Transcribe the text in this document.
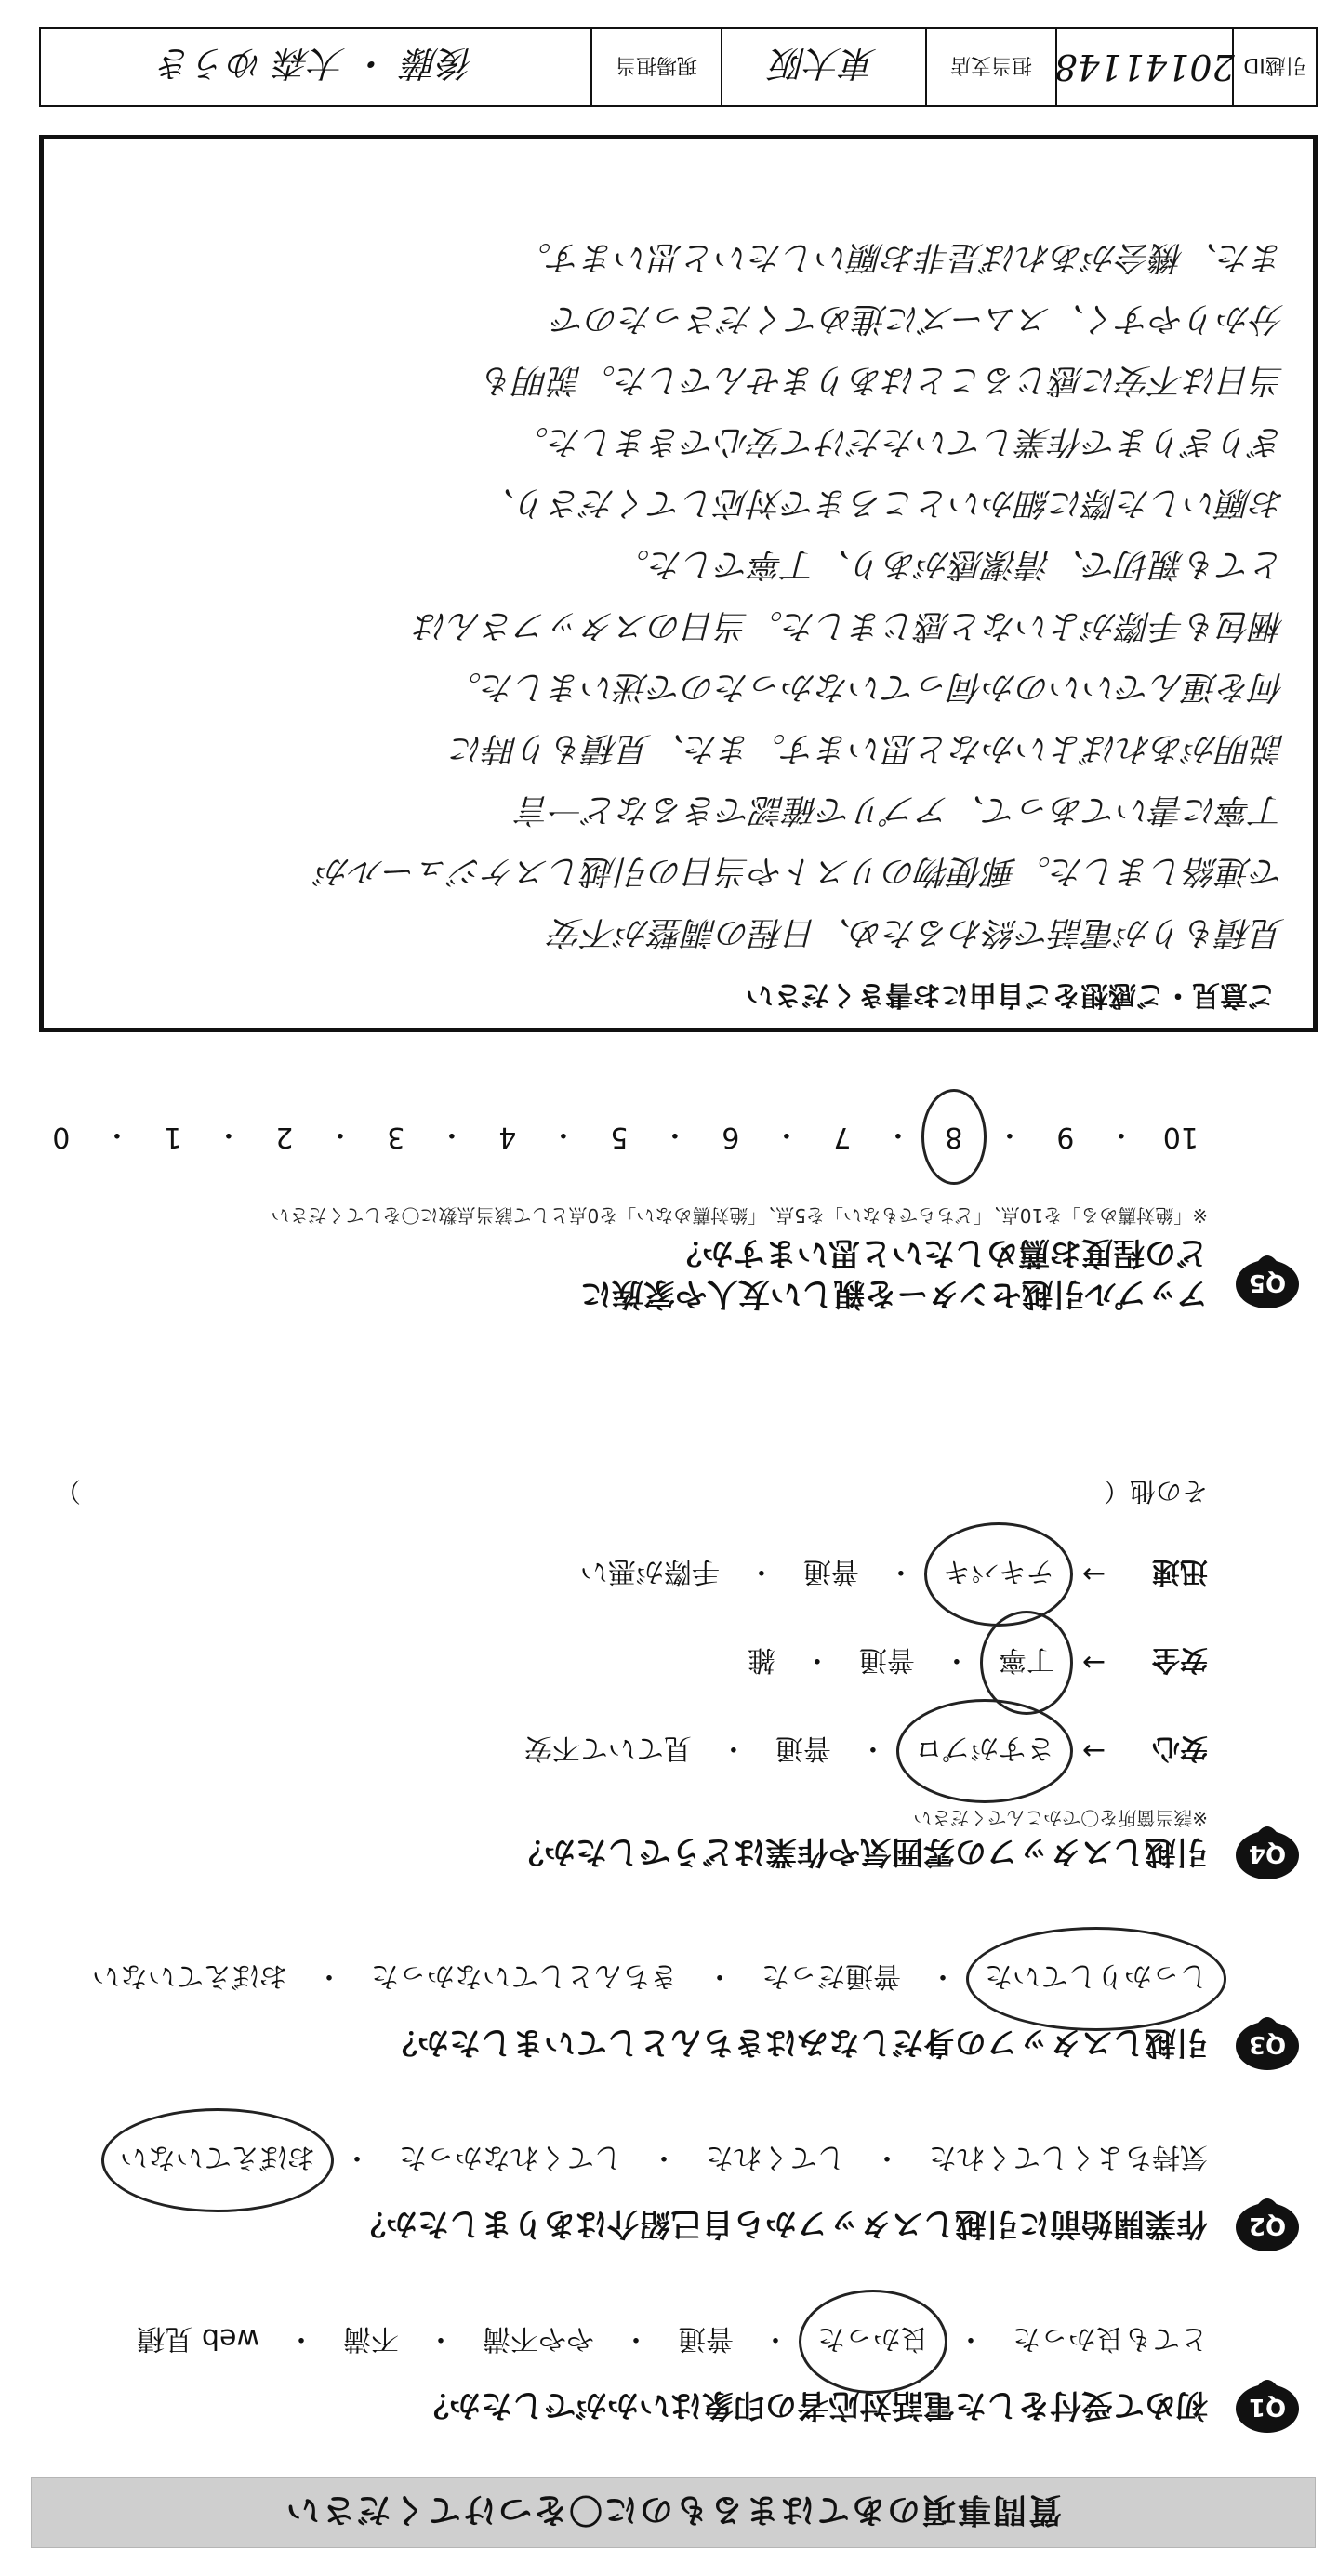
質問事項のあてはまるものに〇をつけてください
Q1
初めて受付をした電話対応者の印象はいかがでしたか？
とても良かった
・
良かった
・
普通
・
やや不満
・
不満
・
web 見積
Q2
作業開始前に引越しスタッフから自己紹介はありましたか？
気持ちよくしてくれた
・
してくれた
・
してくれなかった
・
おぼえていない
Q3
引越しスタッフの身だしなみはきちんとしていましたか？
しっかりしていた
・
普通だった
・
きちんとしていなかった
・
おぼえていない
Q4
引越しスタッフの雰囲気や作業はどうでしたか？
※該当箇所を〇でかこんでください
安心
→
さすがプロ
・
普通
・
見ていて不安
安全
→
丁寧
・
普通
・
雑
迅速
→
テキパキ
・
普通
・
手際が悪い
その他（
）
Q5
アップル引越センターを親しい友人や家族に
どの程度お薦めしたいと思いますか？
※「絶対薦める」を10点、「どちらでもない」を5点、「絶対薦めない」を0点として該当点数に〇をしてください
10
・
9
・
8
・
7
・
6
・
5
・
4
・
3
・
2
・
1
・
0
ご意見・ご感想をご自由にお書きください

見積もりが電話で終わるため、日程の調整が不安

で連絡しました。郵便物のリストや当日の引越しスケジュールが

丁寧に書いてあって、アプリで確認できるなど一言

説明があればよいかなと思います。また、見積もり時に

何を運んでいいのか伺っていなかったので迷いました。

梱包も手際がよいなと感じました。当日のスタッフさんは

とても親切で、清潔感があり、丁寧でした。

お願いした際に細かいところまで対応してくださり、

ぎりぎりまで作業していただけて安心できました。

当日は不安に感じることはありませんでした。説明も

分かりやすく、スムーズに進めてくださったので

また、機会があれば是非お願いしたいと思います。

引越ID
20141148
担当支店
東大阪
現場担当
後藤 ・ 大森 ゆうき
